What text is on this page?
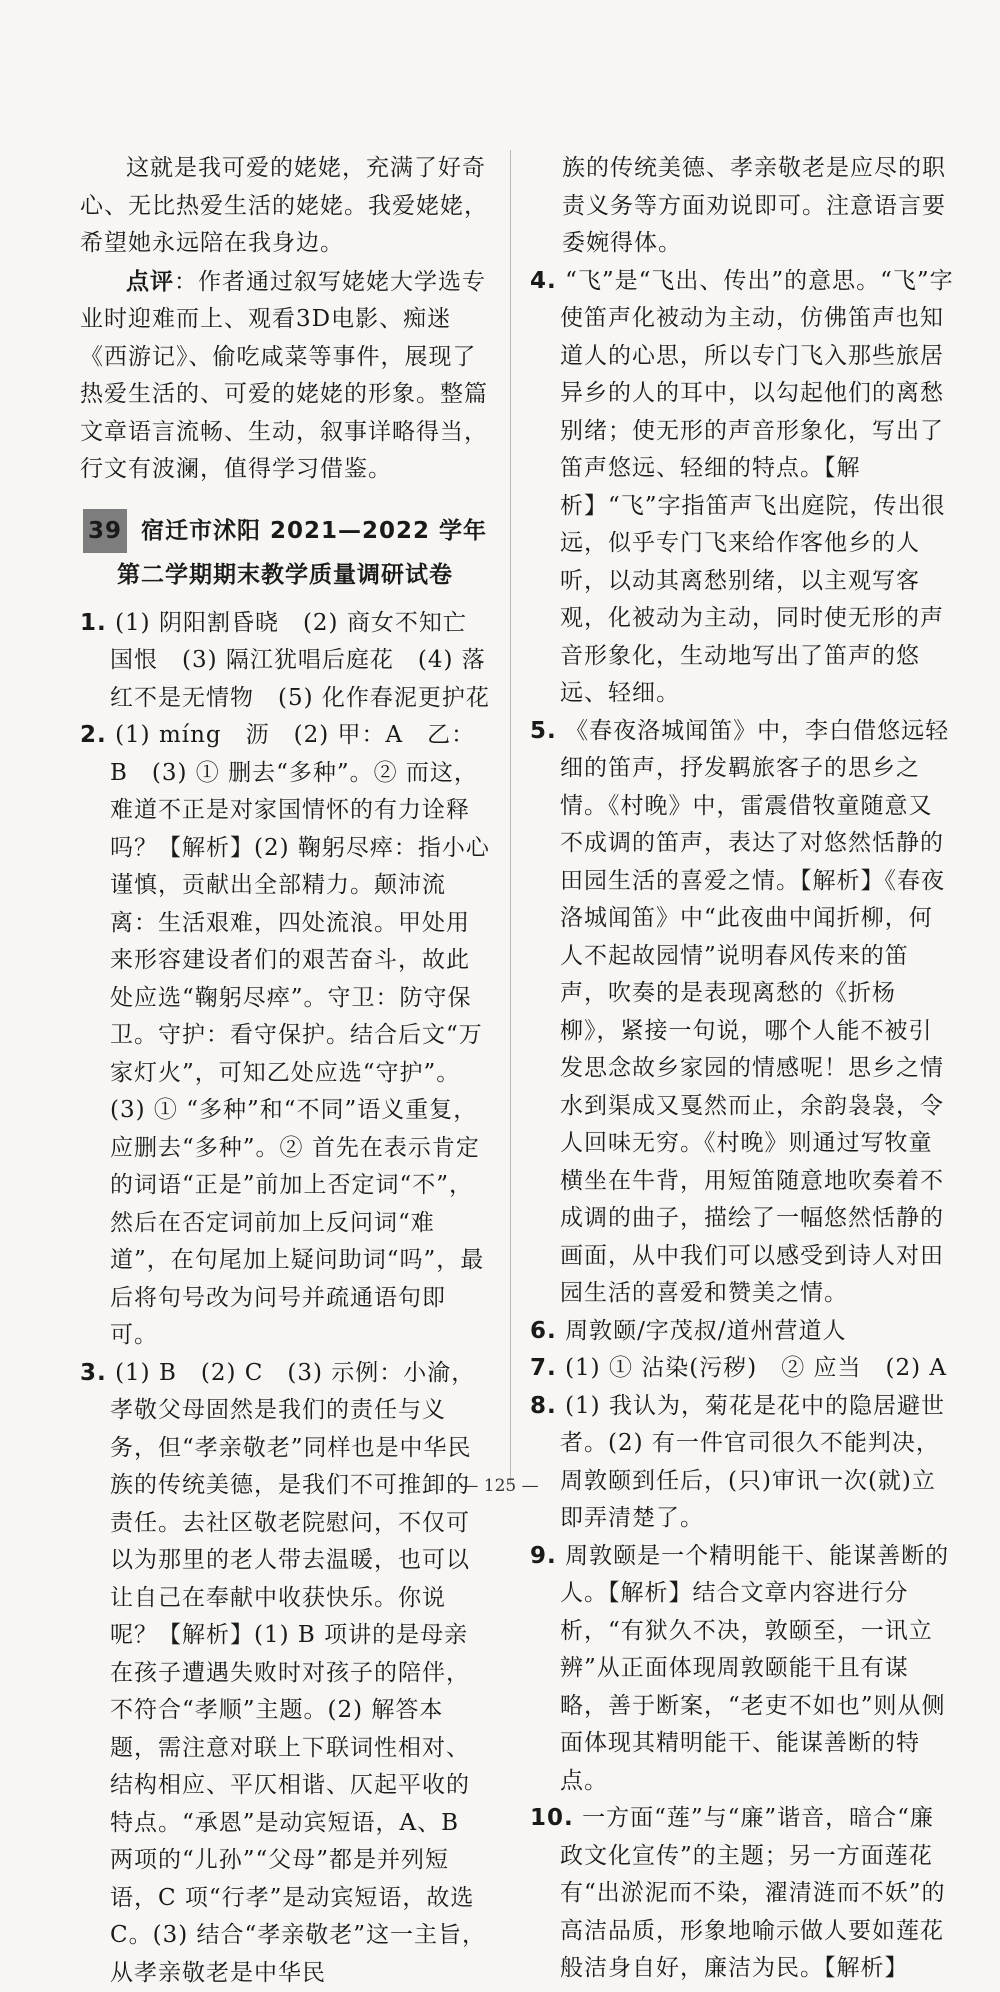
这就是我可爱的姥姥，充满了好奇心、无比热爱生活的姥姥。我爱姥姥，希望她永远陪在我身边。

点评：作者通过叙写姥姥大学选专业时迎难而上、观看3D电影、痴迷《西游记》、偷吃咸菜等事件，展现了热爱生活的、可爱的姥姥的形象。整篇文章语言流畅、生动，叙事详略得当，行文有波澜，值得学习借鉴。

39 宿迁市沭阳 2021—2022 学年
第二学期期末教学质量调研试卷

1. (1) 阴阳割昏晓　(2) 商女不知亡国恨　(3) 隔江犹唱后庭花　(4) 落红不是无情物　(5) 化作春泥更护花

2. (1) míng　沥　(2) 甲：A　乙：B　(3) ① 删去“多种”。② 而这，难道不正是对家国情怀的有力诠释吗？【解析】(2) 鞠躬尽瘁：指小心谨慎，贡献出全部精力。颠沛流离：生活艰难，四处流浪。甲处用来形容建设者们的艰苦奋斗，故此处应选“鞠躬尽瘁”。守卫：防守保卫。守护：看守保护。结合后文“万家灯火”，可知乙处应选“守护”。(3) ① “多种”和“不同”语义重复，应删去“多种”。② 首先在表示肯定的词语“正是”前加上否定词“不”，然后在否定词前加上反问词“难道”，在句尾加上疑问助词“吗”，最后将句号改为问号并疏通语句即可。

3. (1) B　(2) C　(3) 示例：小渝，孝敬父母固然是我们的责任与义务，但“孝亲敬老”同样也是中华民族的传统美德，是我们不可推卸的责任。去社区敬老院慰问，不仅可以为那里的老人带去温暖，也可以让自己在奉献中收获快乐。你说呢？【解析】(1) B 项讲的是母亲在孩子遭遇失败时对孩子的陪伴，不符合“孝顺”主题。(2) 解答本题，需注意对联上下联词性相对、结构相应、平仄相谐、仄起平收的特点。“承恩”是动宾短语，A、B 两项的“儿孙”“父母”都是并列短语，C 项“行孝”是动宾短语，故选 C。(3) 结合“孝亲敬老”这一主旨，从孝亲敬老是中华民

族的传统美德、孝亲敬老是应尽的职责义务等方面劝说即可。注意语言要委婉得体。

4. “飞”是“飞出、传出”的意思。“飞”字使笛声化被动为主动，仿佛笛声也知道人的心思，所以专门飞入那些旅居异乡的人的耳中，以勾起他们的离愁别绪；使无形的声音形象化，写出了笛声悠远、轻细的特点。【解析】“飞”字指笛声飞出庭院，传出很远，似乎专门飞来给作客他乡的人听，以动其离愁别绪，以主观写客观，化被动为主动，同时使无形的声音形象化，生动地写出了笛声的悠远、轻细。

5. 《春夜洛城闻笛》中，李白借悠远轻细的笛声，抒发羁旅客子的思乡之情。《村晚》中，雷震借牧童随意又不成调的笛声，表达了对悠然恬静的田园生活的喜爱之情。【解析】《春夜洛城闻笛》中“此夜曲中闻折柳，何人不起故园情”说明春风传来的笛声，吹奏的是表现离愁的《折杨柳》，紧接一句说，哪个人能不被引发思念故乡家园的情感呢！思乡之情水到渠成又戛然而止，余韵袅袅，令人回味无穷。《村晚》则通过写牧童横坐在牛背，用短笛随意地吹奏着不成调的曲子，描绘了一幅悠然恬静的画面，从中我们可以感受到诗人对田园生活的喜爱和赞美之情。

6. 周敦颐/字茂叔/道州营道人

7. (1) ① 沾染(污秽)　② 应当　(2) A

8. (1) 我认为，菊花是花中的隐居避世者。(2) 有一件官司很久不能判决，周敦颐到任后，(只)审讯一次(就)立即弄清楚了。

9. 周敦颐是一个精明能干、能谋善断的人。【解析】结合文章内容进行分析，“有狱久不决，敦颐至，一讯立辨”从正面体现周敦颐能干且有谋略，善于断案，“老吏不如也”则从侧面体现其精明能干、能谋善断的特点。

10. 一方面“莲”与“廉”谐音，暗合“廉政文化宣传”的主题；另一方面莲花有“出淤泥而不染，濯清涟而不妖”的高洁品质，形象地喻示做人要如莲花般洁身自好，廉洁为民。【解析】

— 125 —
